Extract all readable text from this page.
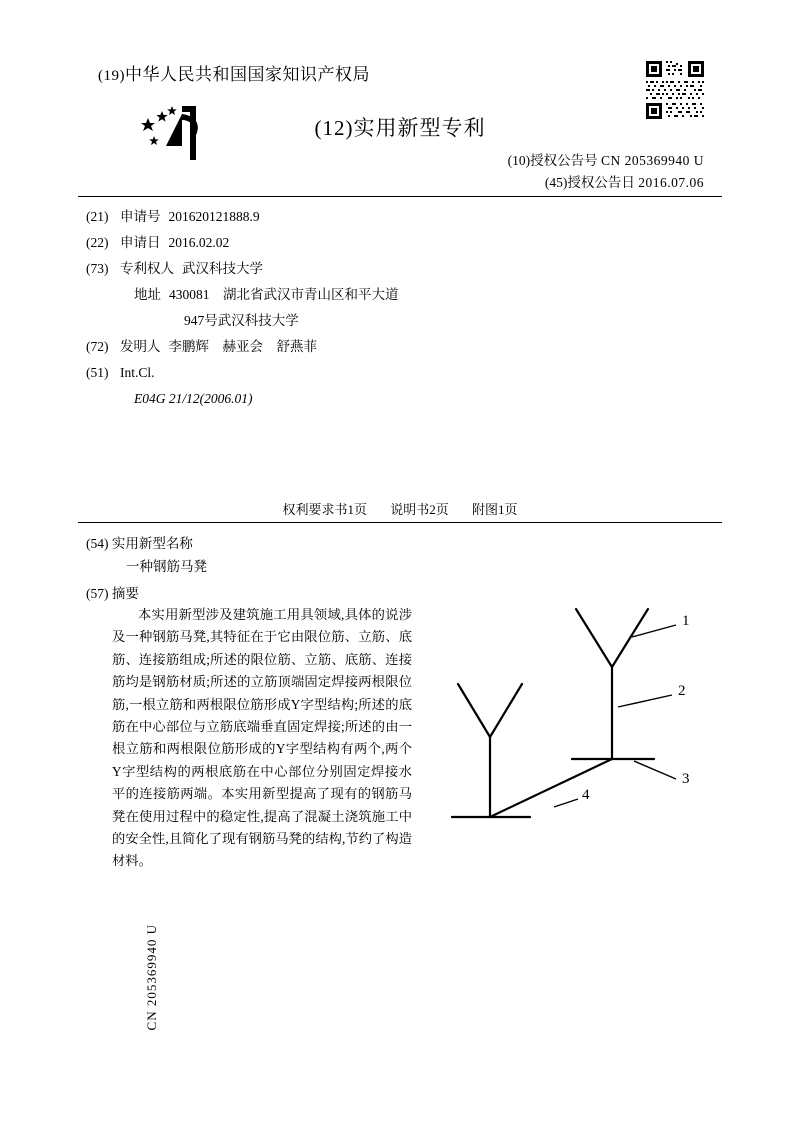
(19)中华人民共和国国家知识产权局
(12)实用新型专利
(10)授权公告号 CN 205369940 U
(45)授权公告日 2016.07.06
(21) 申请号 201620121888.9
(22) 申请日 2016.02.02
(73) 专利权人 武汉科技大学
地址 430081　湖北省武汉市青山区和平大道
947号武汉科技大学
(72) 发明人 李鹏辉　赫亚会　舒燕菲
(51) Int.Cl.
E04G 21/12(2006.01)
权利要求书1页 说明书2页 附图1页
(54) 实用新型名称
一种钢筋马凳
(57) 摘要
本实用新型涉及建筑施工用具领域,具体的说涉及一种钢筋马凳,其特征在于它由限位筋、立筋、底筋、连接筋组成;所述的限位筋、立筋、底筋、连接筋均是钢筋材质;所述的立筋顶端固定焊接两根限位筋,一根立筋和两根限位筋形成Y字型结构;所述的底筋在中心部位与立筋底端垂直固定焊接;所述的由一根立筋和两根限位筋形成的Y字型结构有两个,两个Y字型结构的两根底筋在中心部位分别固定焊接水平的连接筋两端。本实用新型提高了现有的钢筋马凳在使用过程中的稳定性,提高了混凝土浇筑施工中的安全性,且简化了现有钢筋马凳的结构,节约了构造材料。
1
2
3
4
CN 205369940 U
